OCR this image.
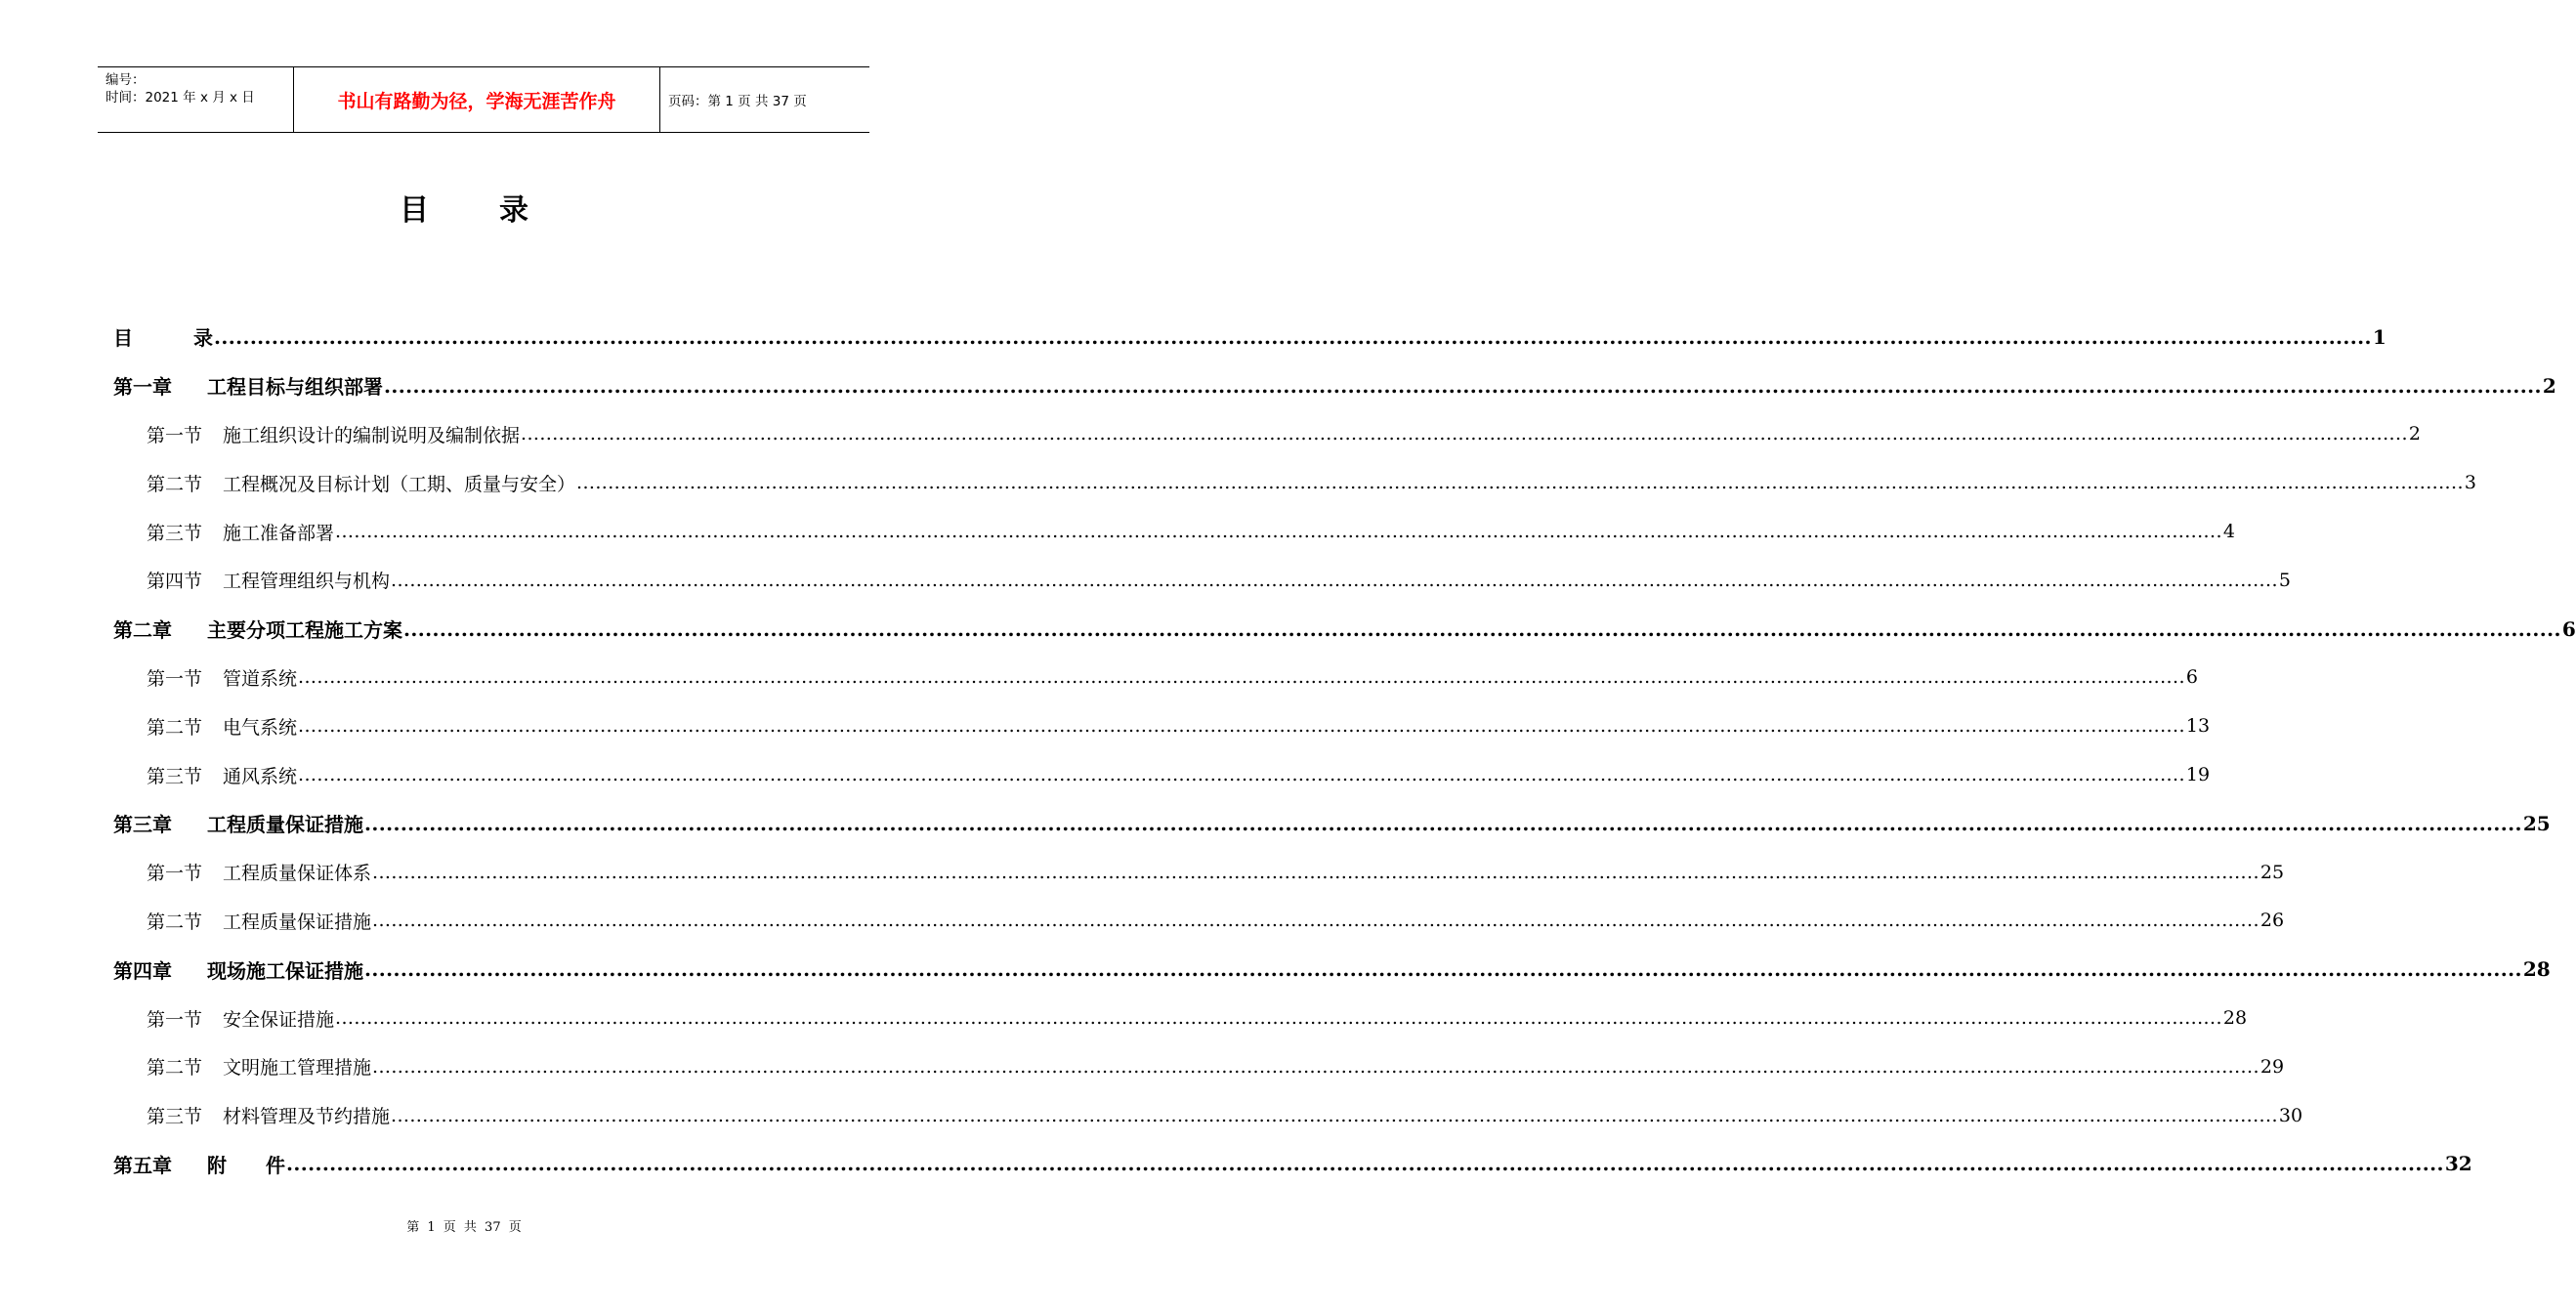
编号：
时间：2021 年 x 月 x 日	书山有路勤为径，学海无涯苦作舟	页码：第 1 页 共 37 页
目录
目	录 ............................................................................................................................................................................................................................................................................................................ 1
第一章 工程目标与组织部署 ............................................................................................................................................................................................................................................................................................................ 2
第一节 施工组织设计的编制说明及编制依据 ............................................................................................................................................................................................................................................................................................................ 2
第二节 工程概况及目标计划（工期、质量与安全） ............................................................................................................................................................................................................................................................................................................ 3
第三节 施工准备部署 ............................................................................................................................................................................................................................................................................................................ 4
第四节 工程管理组织与机构 ............................................................................................................................................................................................................................................................................................................ 5
第二章 主要分项工程施工方案 ............................................................................................................................................................................................................................................................................................................ 6
第一节 管道系统 ............................................................................................................................................................................................................................................................................................................ 6
第二节 电气系统 ............................................................................................................................................................................................................................................................................................................ 13
第三节 通风系统 ............................................................................................................................................................................................................................................................................................................ 19
第三章 工程质量保证措施 ............................................................................................................................................................................................................................................................................................................ 25
第一节 工程质量保证体系 ............................................................................................................................................................................................................................................................................................................ 25
第二节 工程质量保证措施 ............................................................................................................................................................................................................................................................................................................ 26
第四章 现场施工保证措施 ............................................................................................................................................................................................................................................................................................................ 28
第一节 安全保证措施 ............................................................................................................................................................................................................................................................................................................ 28
第二节 文明施工管理措施 ............................................................................................................................................................................................................................................................................................................ 29
第三节 材料管理及节约措施 ............................................................................................................................................................................................................................................................................................................ 30
第五章 附　　件 ............................................................................................................................................................................................................................................................................................................ 32
第 1 页 共 37 页
